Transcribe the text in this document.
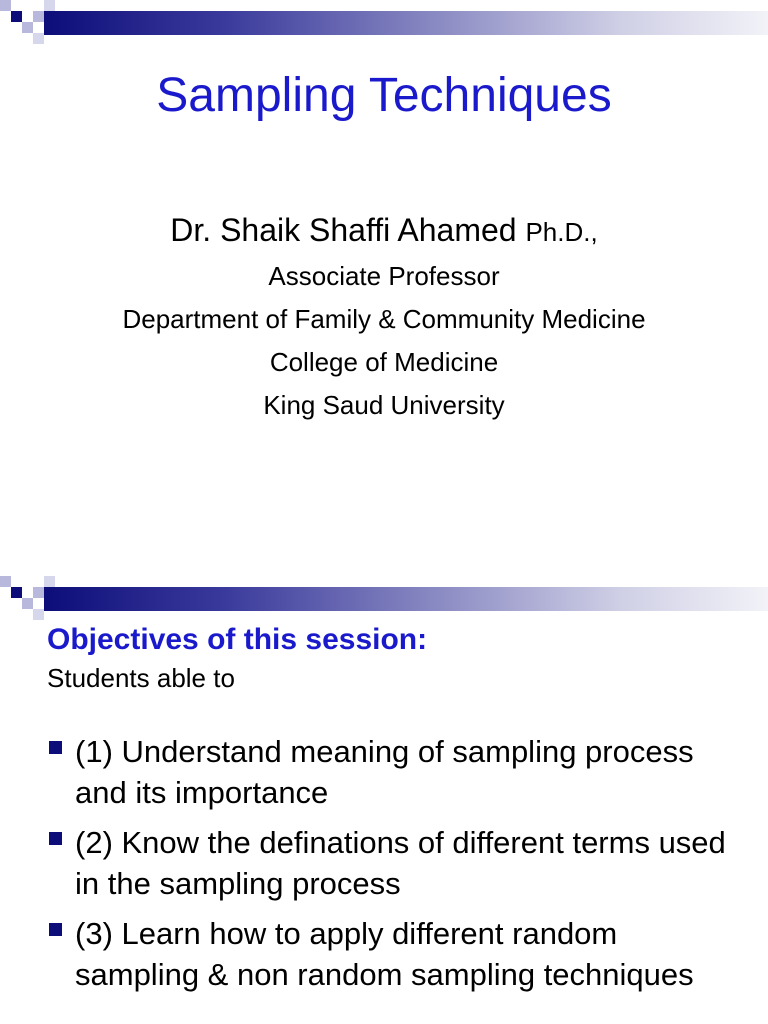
Sampling Techniques
Dr. Shaik Shaffi Ahamed Ph.D.,
Associate Professor
Department of Family & Community Medicine
College of Medicine
King Saud University
Objectives of this session:
Students able to
(1) Understand meaning of sampling process and its importance
(2) Know the definations of different terms used in the sampling process
(3) Learn how to apply different random sampling & non random sampling techniques
